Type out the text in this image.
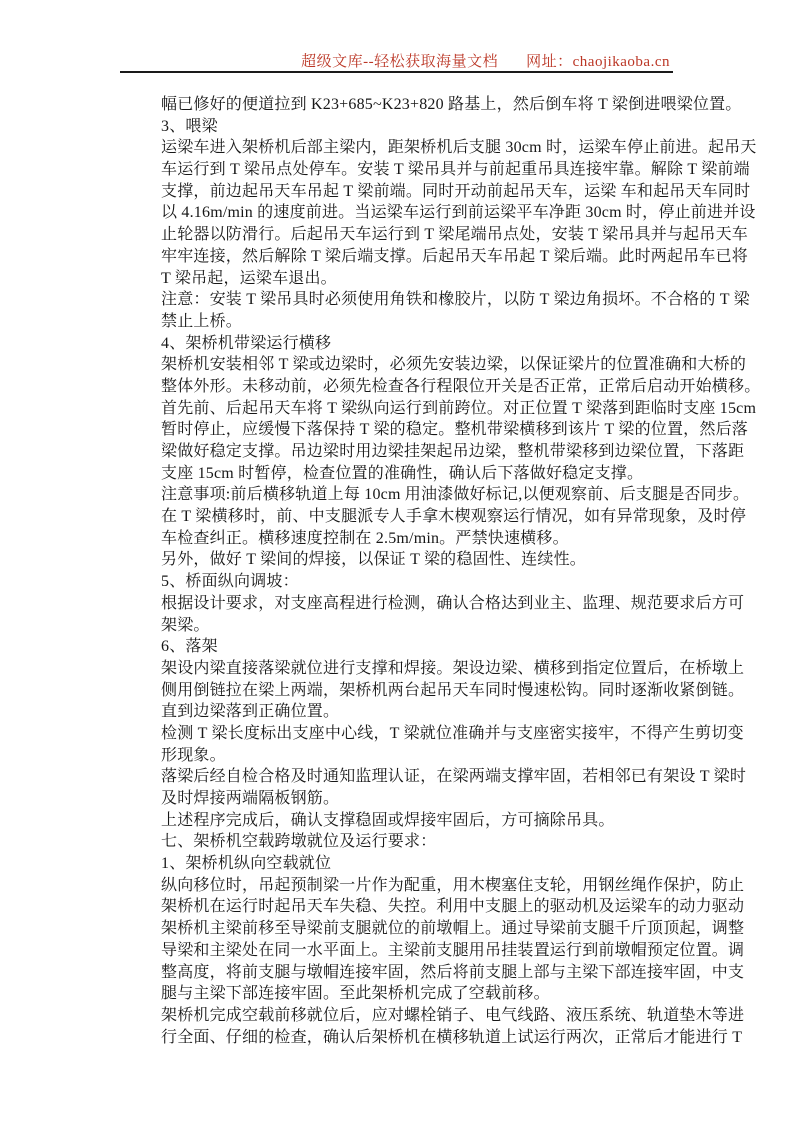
超级文库--轻松获取海量文档 网址：chaojikaoba.cn
幅已修好的便道拉到 K23+685~K23+820 路基上，然后倒车将 T 梁倒进喂梁位置。
3、喂梁
运梁车进入架桥机后部主梁内，距架桥机后支腿 30cm 时，运梁车停止前进。起吊天
车运行到 T 梁吊点处停车。安装 T 梁吊具并与前起重吊具连接牢靠。解除 T 梁前端
支撑，前边起吊天车吊起 T 梁前端。同时开动前起吊天车，运梁 车和起吊天车同时
以 4.16m/min 的速度前进。当运梁车运行到前运梁平车净距 30cm 时，停止前进并设
止轮器以防滑行。后起吊天车运行到 T 梁尾端吊点处，安装 T 梁吊具并与起吊天车
牢牢连接，然后解除 T 梁后端支撑。后起吊天车吊起 T 梁后端。此时两起吊车已将
T 梁吊起，运梁车退出。
注意：安装 T 梁吊具时必须使用角铁和橡胶片，以防 T 梁边角损坏。不合格的 T 梁
禁止上桥。
4、架桥机带梁运行横移
架桥机安装相邻 T 梁或边梁时，必须先安装边梁，以保证梁片的位置准确和大桥的
整体外形。未移动前，必须先检查各行程限位开关是否正常，正常后启动开始横移。
首先前、后起吊天车将 T 梁纵向运行到前跨位。对正位置 T 梁落到距临时支座 15cm
暂时停止，应缓慢下落保持 T 梁的稳定。整机带梁横移到该片 T 梁的位置，然后落
梁做好稳定支撑。吊边梁时用边梁挂架起吊边梁，整机带梁移到边梁位置，下落距
支座 15cm 时暂停，检查位置的准确性，确认后下落做好稳定支撑。
注意事项:前后横移轨道上每 10cm 用油漆做好标记,以便观察前、后支腿是否同步。
在 T 梁横移时，前、中支腿派专人手拿木楔观察运行情况，如有异常现象，及时停
车检查纠正。横移速度控制在 2.5m/min。严禁快速横移。
另外，做好 T 梁间的焊接，以保证 T 梁的稳固性、连续性。
5、桥面纵向调坡：
根据设计要求，对支座高程进行检测，确认合格达到业主、监理、规范要求后方可
架梁。
6、落架
架设内梁直接落梁就位进行支撑和焊接。架设边梁、横移到指定位置后，在桥墩上
侧用倒链拉在梁上两端，架桥机两台起吊天车同时慢速松钩。同时逐渐收紧倒链。
直到边梁落到正确位置。
检测 T 梁长度标出支座中心线，T 梁就位准确并与支座密实接牢，不得产生剪切变
形现象。
落梁后经自检合格及时通知监理认证，在梁两端支撑牢固，若相邻已有架设 T 梁时
及时焊接两端隔板钢筋。
上述程序完成后，确认支撑稳固或焊接牢固后，方可摘除吊具。
七、架桥机空载跨墩就位及运行要求：
1、架桥机纵向空载就位
纵向移位时，吊起预制梁一片作为配重，用木楔塞住支轮，用钢丝绳作保护，防止
架桥机在运行时起吊天车失稳、失控。利用中支腿上的驱动机及运梁车的动力驱动
架桥机主梁前移至导梁前支腿就位的前墩帽上。通过导梁前支腿千斤顶顶起，调整
导梁和主梁处在同一水平面上。主梁前支腿用吊挂装置运行到前墩帽预定位置。调
整高度，将前支腿与墩帽连接牢固，然后将前支腿上部与主梁下部连接牢固，中支
腿与主梁下部连接牢固。至此架桥机完成了空载前移。
架桥机完成空载前移就位后，应对螺栓销子、电气线路、液压系统、轨道垫木等进
行全面、仔细的检查，确认后架桥机在横移轨道上试运行两次，正常后才能进行 T
